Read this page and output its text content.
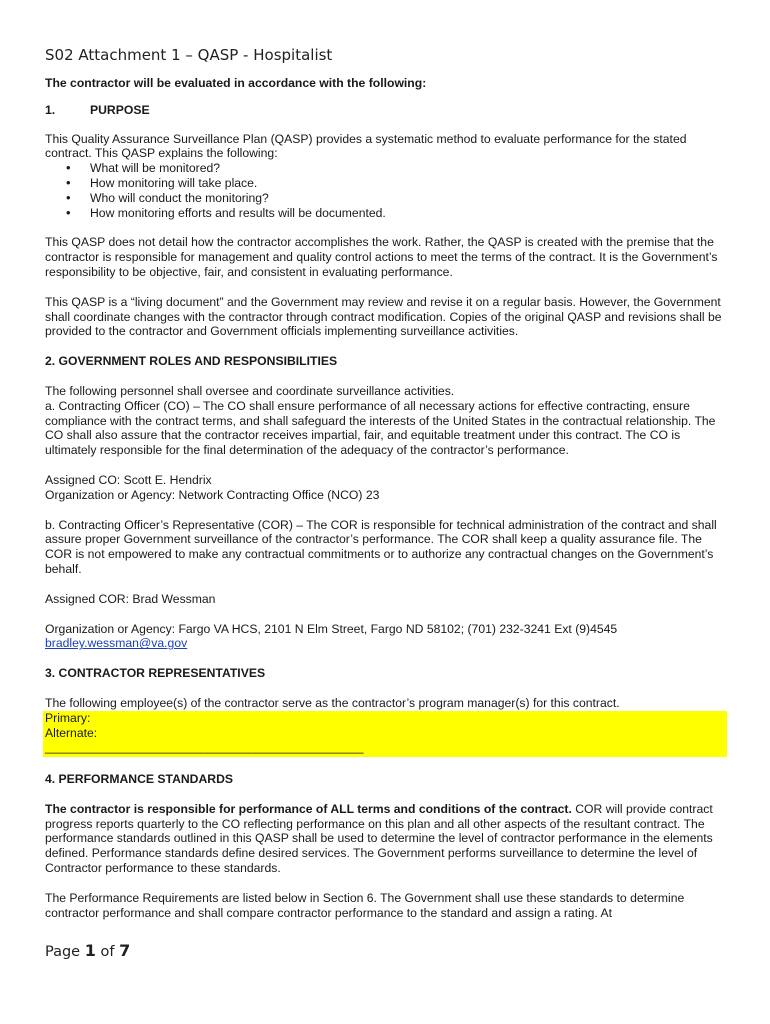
S02 Attachment 1 – QASP - Hospitalist
The contractor will be evaluated in accordance with the following:
1.	PURPOSE

This Quality Assurance Surveillance Plan (QASP) provides a systematic method to evaluate performance for the stated contract. This QASP explains the following:

• What will be monitored?
• How monitoring will take place.
• Who will conduct the monitoring?
• How monitoring efforts and results will be documented.

This QASP does not detail how the contractor accomplishes the work. Rather, the QASP is created with the premise that the contractor is responsible for management and quality control actions to meet the terms of the contract. It is the Government’s responsibility to be objective, fair, and consistent in evaluating performance.

This QASP is a “living document” and the Government may review and revise it on a regular basis. However, the Government shall coordinate changes with the contractor through contract modification. Copies of the original QASP and revisions shall be provided to the contractor and Government officials implementing surveillance activities.

2. GOVERNMENT ROLES AND RESPONSIBILITIES

The following personnel shall oversee and coordinate surveillance activities.

a. Contracting Officer (CO) – The CO shall ensure performance of all necessary actions for effective contracting, ensure compliance with the contract terms, and shall safeguard the interests of the United States in the contractual relationship. The CO shall also assure that the contractor receives impartial, fair, and equitable treatment under this contract. The CO is ultimately responsible for the final determination of the adequacy of the contractor’s performance.

Assigned CO: Scott E. Hendrix

Organization or Agency: Network Contracting Office (NCO) 23

b. Contracting Officer’s Representative (COR) – The COR is responsible for technical administration of the contract and shall assure proper Government surveillance of the contractor’s performance. The COR shall keep a quality assurance file. The COR is not empowered to make any contractual commitments or to authorize any contractual changes on the Government’s behalf.

Assigned COR: Brad Wessman

Organization or Agency: Fargo VA HCS, 2101 N Elm Street, Fargo ND 58102; (701) 232-3241 Ext (9)4545

bradley.wessman@va.gov

3. CONTRACTOR REPRESENTATIVES

The following employee(s) of the contractor serve as the contractor’s program manager(s) for this contract.

Primary:
Alternate:
_______________________________________________
4. PERFORMANCE STANDARDS

The contractor is responsible for performance of ALL terms and conditions of the contract. COR will provide contract progress reports quarterly to the CO reflecting performance on this plan and all other aspects of the resultant contract. The performance standards outlined in this QASP shall be used to determine the level of contractor performance in the elements defined. Performance standards define desired services. The Government performs surveillance to determine the level of Contractor performance to these standards.

The Performance Requirements are listed below in Section 6. The Government shall use these standards to determine contractor performance and shall compare contractor performance to the standard and assign a rating. At

Page 1 of 7
